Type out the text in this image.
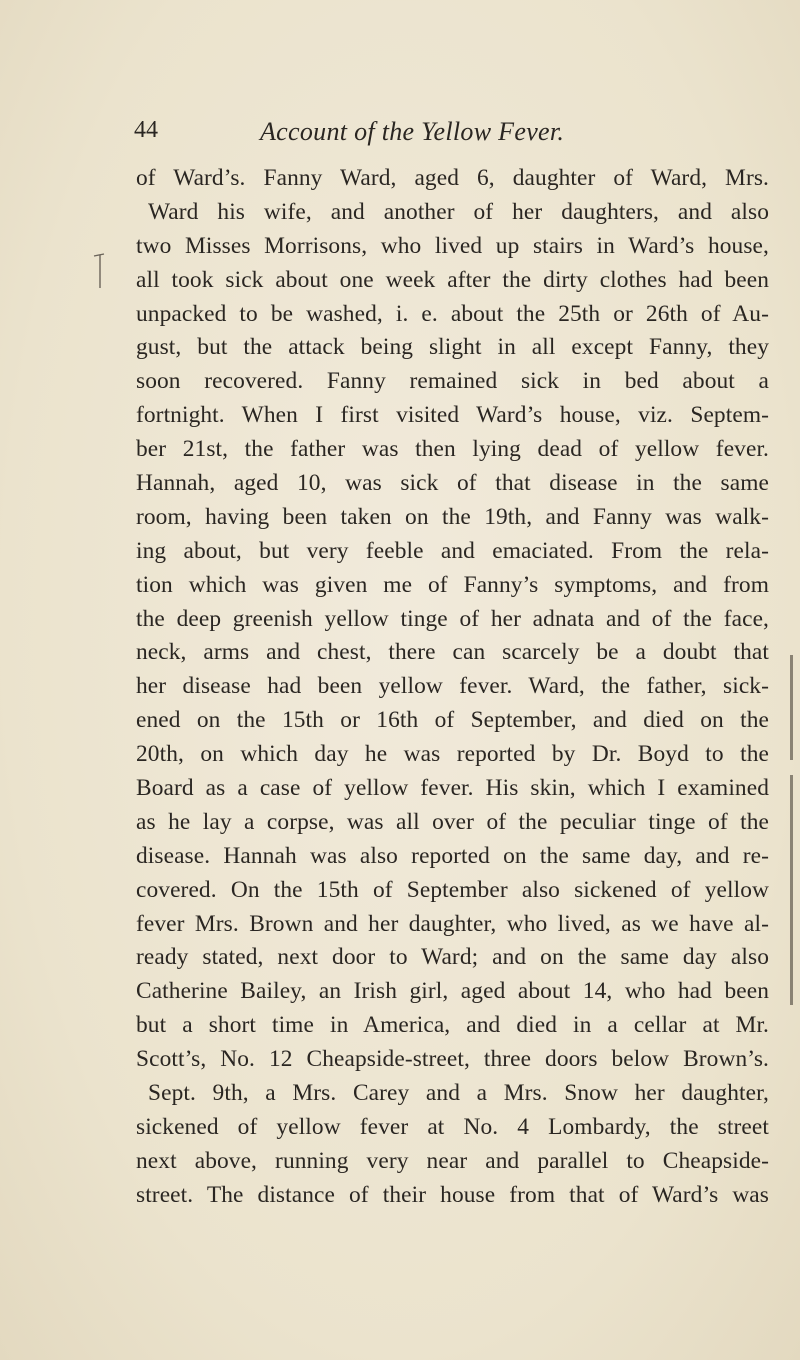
44	Account of the Yellow Fever.
of Ward’s. Fanny Ward, aged 6, daughter of Ward, Mrs.
Ward his wife, and another of her daughters, and also
two Misses Morrisons, who lived up stairs in Ward’s house,
all took sick about one week after the dirty clothes had been
unpacked to be washed, i. e. about the 25th or 26th of Au-
gust, but the attack being slight in all except Fanny, they
soon recovered. Fanny remained sick in bed about a
fortnight. When I first visited Ward’s house, viz. Septem-
ber 21st, the father was then lying dead of yellow fever.
Hannah, aged 10, was sick of that disease in the same
room, having been taken on the 19th, and Fanny was walk-
ing about, but very feeble and emaciated. From the rela-
tion which was given me of Fanny’s symptoms, and from
the deep greenish yellow tinge of her adnata and of the face,
neck, arms and chest, there can scarcely be a doubt that
her disease had been yellow fever. Ward, the father, sick-
ened on the 15th or 16th of September, and died on the
20th, on which day he was reported by Dr. Boyd to the
Board as a case of yellow fever. His skin, which I examined
as he lay a corpse, was all over of the peculiar tinge of the
disease. Hannah was also reported on the same day, and re-
covered. On the 15th of September also sickened of yellow
fever Mrs. Brown and her daughter, who lived, as we have al-
ready stated, next door to Ward; and on the same day also
Catherine Bailey, an Irish girl, aged about 14, who had been
but a short time in America, and died in a cellar at Mr.
Scott’s, No. 12 Cheapside-street, three doors below Brown’s.
Sept. 9th, a Mrs. Carey and a Mrs. Snow her daughter,
sickened of yellow fever at No. 4 Lombardy, the street
next above, running very near and parallel to Cheapside-
street. The distance of their house from that of Ward’s was
